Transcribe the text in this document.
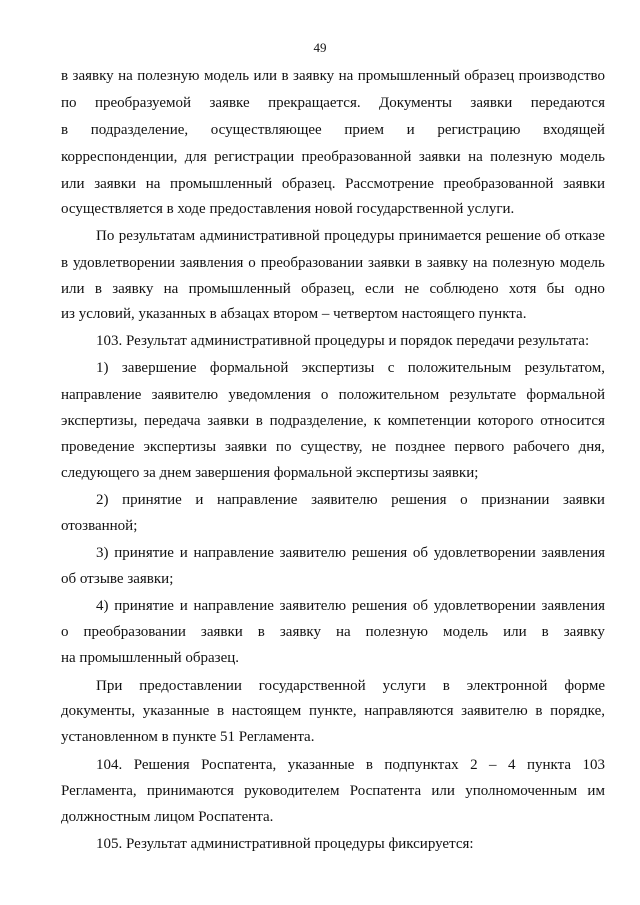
49
в заявку на полезную модель или в заявку на промышленный образец производство
по преобразуемой заявке прекращается. Документы заявки передаются
в подразделение, осуществляющее прием и регистрацию входящей
корреспонденции, для регистрации преобразованной заявки на полезную модель
или заявки на промышленный образец. Рассмотрение преобразованной заявки
осуществляется в ходе предоставления новой государственной услуги.
По результатам административной процедуры принимается решение об отказе
в удовлетворении заявления о преобразовании заявки в заявку на полезную модель
или в заявку на промышленный образец, если не соблюдено хотя бы одно
из условий, указанных в абзацах втором – четвертом настоящего пункта.
103. Результат административной процедуры и порядок передачи результата:
1) завершение формальной экспертизы с положительным результатом,
направление заявителю уведомления о положительном результате формальной
экспертизы, передача заявки в подразделение, к компетенции которого относится
проведение экспертизы заявки по существу, не позднее первого рабочего дня,
следующего за днем завершения формальной экспертизы заявки;
2) принятие и направление заявителю решения о признании заявки
отозванной;
3) принятие и направление заявителю решения об удовлетворении заявления
об отзыве заявки;
4) принятие и направление заявителю решения об удовлетворении заявления
о преобразовании заявки в заявку на полезную модель или в заявку
на промышленный образец.
При предоставлении государственной услуги в электронной форме
документы, указанные в настоящем пункте, направляются заявителю в порядке,
установленном в пункте 51 Регламента.
104. Решения Роспатента, указанные в подпунктах 2 – 4 пункта 103
Регламента, принимаются руководителем Роспатента или уполномоченным им
должностным лицом Роспатента.
105. Результат административной процедуры фиксируется:
